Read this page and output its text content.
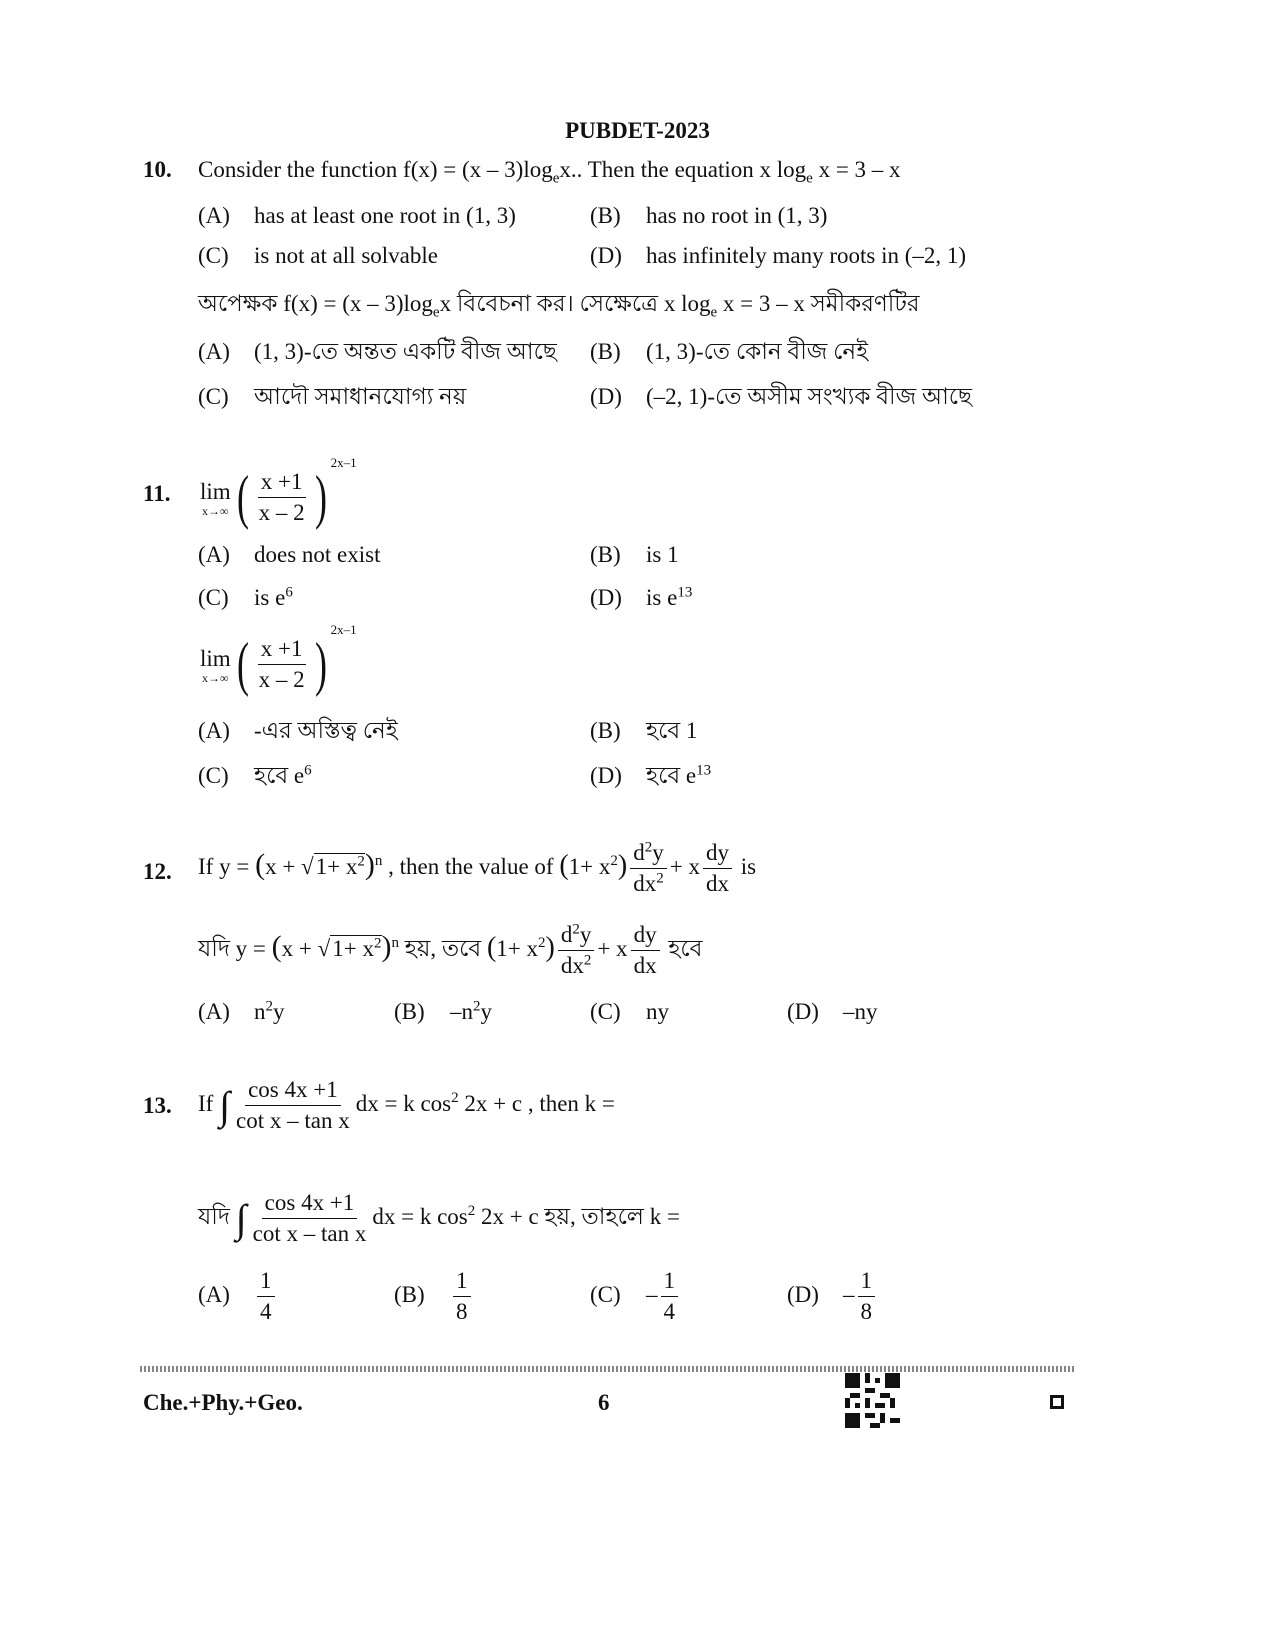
PUBDET-2023
10. Consider the function $f(x) = (x - 3)\log_ex$.. Then the equation x $\log_e x = 3 - x$
(A) has at least one root in (1, 3)	(B) has no root in (1, 3)
(C) is not at all solvable	(D) has infinitely many roots in (–2, 1)
অপেক্ষক $f(x) = (x - 3)\log_ex$ বিবেচনা কর। সেক্ষেত্রে x $\log_e x = 3 - x$ সমীকরণটির
(A) (1, 3)-তে অন্তত একটি বীজ আছে (B) (1, 3)-তে কোন বীজ নেই
(C) আদৌ সমাধানযোগ্য নয়	(D) (–2, 1)-তে অসীম সংখ্যক বীজ আছে
11. lim
x→∞ ( $\frac{x +1}{x - 2} )^{2x-1}$
(A) does not exist	(B) is 1
(C) is $e^6$	(D) is $e^{13}$
lim
x→∞ ( $\frac{x +1}{x - 2} )^{2x-1}$
(A) -এর অস্তিত্ব নেই	(B) হবে 1
(C) হবে $e^6$	(D) হবে $e^{13}$
12. If $y = (x + √1+ x^2)^n$ , then the value of $(1+ x^2) \frac{d^2y}{dx^2} + x \frac{dy}{dx}$ is
যদি $y = (x + √1+ x^2)^n$ হয়, তবে $(1+ x^2) \frac{d^2y}{dx^2} + x \frac{dy}{dx}$ হবে
(A) $n^2y$	(B) $-n^2y$	(C) ny	(D) –ny
13. If ∫ $\frac{\cos 4x +1}{\text{cot x – tan x}}$ dx = k $\cos^2 2x + c$ , then k =
যদি ∫ $\frac{\cos 4x +1}{\text{cot x – tan x}}$ dx = k $\cos^2 2x + c$ হয়, তাহলে k =
$(A) \frac{1}{4}$	$(B) \frac{1}{8}$	$(C) - \frac{1}{4}$	$(D) - \frac{1}{8}$
Che.+Phy.+Geo.	6
